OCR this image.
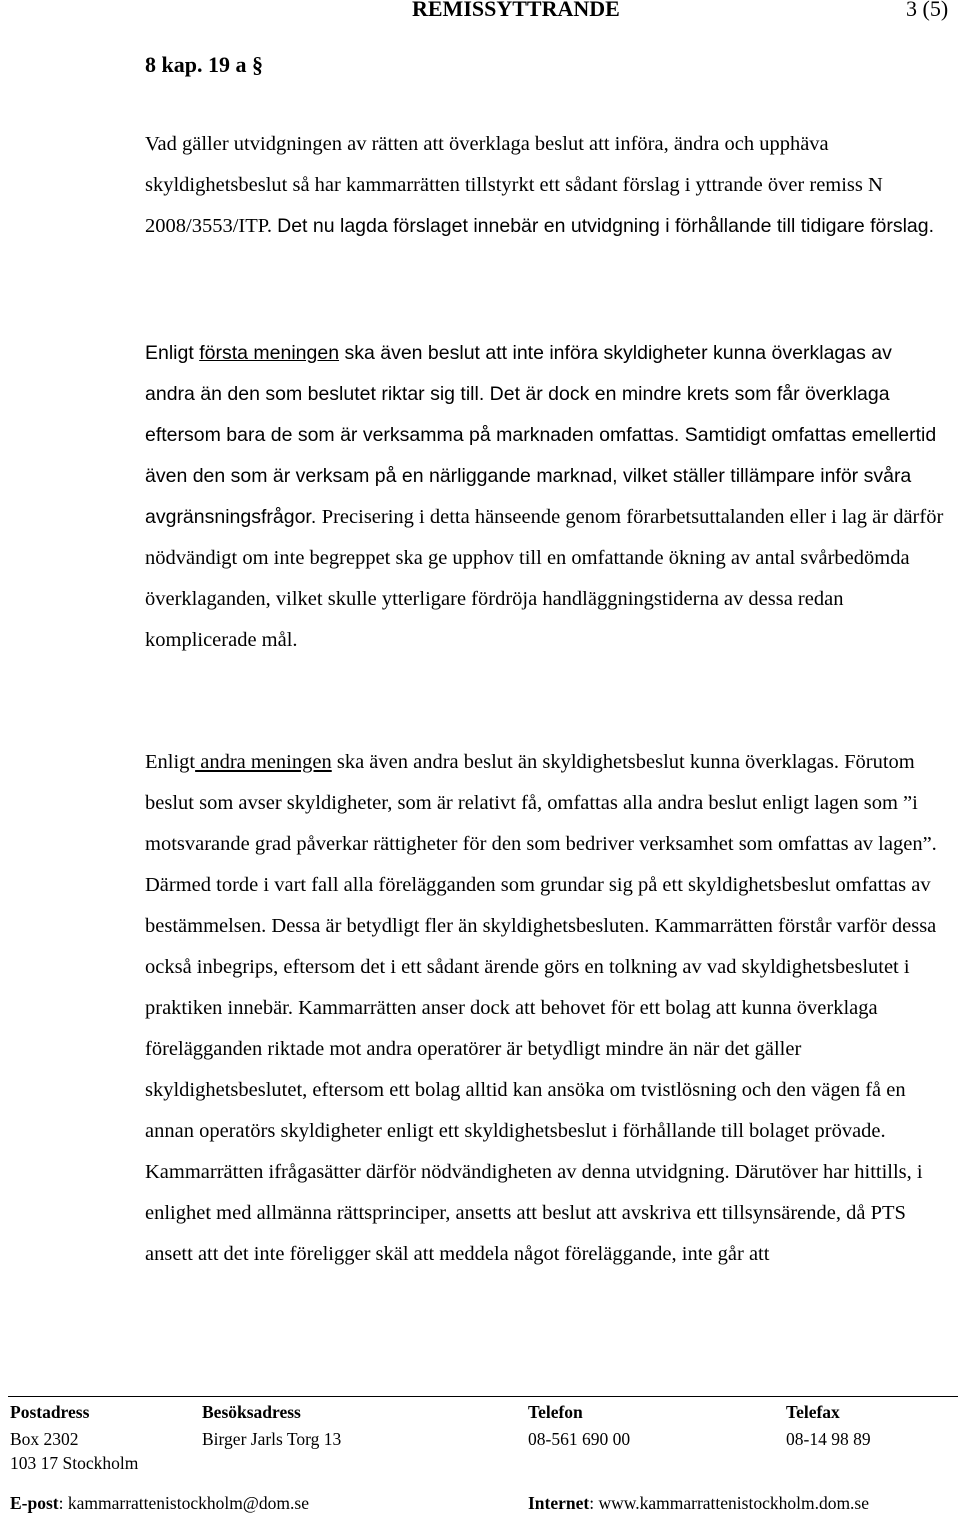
REMISSYTTRANDE	3 (5)
8 kap. 19 a §

Vad gäller utvidgningen av rätten att överklaga beslut att införa, ändra och upphäva skyldighetsbeslut så har kammarrätten tillstyrkt ett sådant förslag i yttrande över remiss N 2008/3553/ITP. Det nu lagda förslaget innebär en utvidgning i förhållande till tidigare förslag.

Enligt första meningen ska även beslut att inte införa skyldigheter kunna överklagas av andra än den som beslutet riktar sig till. Det är dock en mindre krets som får överklaga eftersom bara de som är verksamma på marknaden omfattas. Samtidigt omfattas emellertid även den som är verksam på en närliggande marknad, vilket ställer tillämpare inför svåra avgränsningsfrågor. Precisering i detta hänseende genom förarbetsuttalanden eller i lag är därför nödvändigt om inte begreppet ska ge upphov till en omfattande ökning av antal svårbedömda överklaganden, vilket skulle ytterligare fördröja handläggningstiderna av dessa redan komplicerade mål.

Enligt andra meningen ska även andra beslut än skyldighetsbeslut kunna överklagas. Förutom beslut som avser skyldigheter, som är relativt få, omfattas alla andra beslut enligt lagen som ”i motsvarande grad påverkar rättigheter för den som bedriver verksamhet som omfattas av lagen”. Därmed torde i vart fall alla förelägganden som grundar sig på ett skyldighetsbeslut omfattas av bestämmelsen. Dessa är betydligt fler än skyldighetsbesluten. Kammarrätten förstår varför dessa också inbegrips, eftersom det i ett sådant ärende görs en tolkning av vad skyldighetsbeslutet i praktiken innebär. Kammarrätten anser dock att behovet för ett bolag att kunna överklaga förelägganden riktade mot andra operatörer är betydligt mindre än när det gäller skyldighetsbeslutet, eftersom ett bolag alltid kan ansöka om tvistlösning och den vägen få en annan operatörs skyldigheter enligt ett skyldighetsbeslut i förhållande till bolaget prövade. Kammarrätten ifrågasätter därför nödvändigheten av denna utvidgning. Därutöver har hittills, i enlighet med allmänna rättsprinciper, ansetts att beslut att avskriva ett tillsynsärende, då PTS ansett att det inte föreligger skäl att meddela något föreläggande, inte går att

Postadress	Besöksadress	Telefon	Telefax
Box 2302	Birger Jarls Torg 13	08-561 690 00	08-14 98 89
103 17 Stockholm
E-post: kammarrattenistockholm@dom.se	Internet: www.kammarrattenistockholm.dom.se
